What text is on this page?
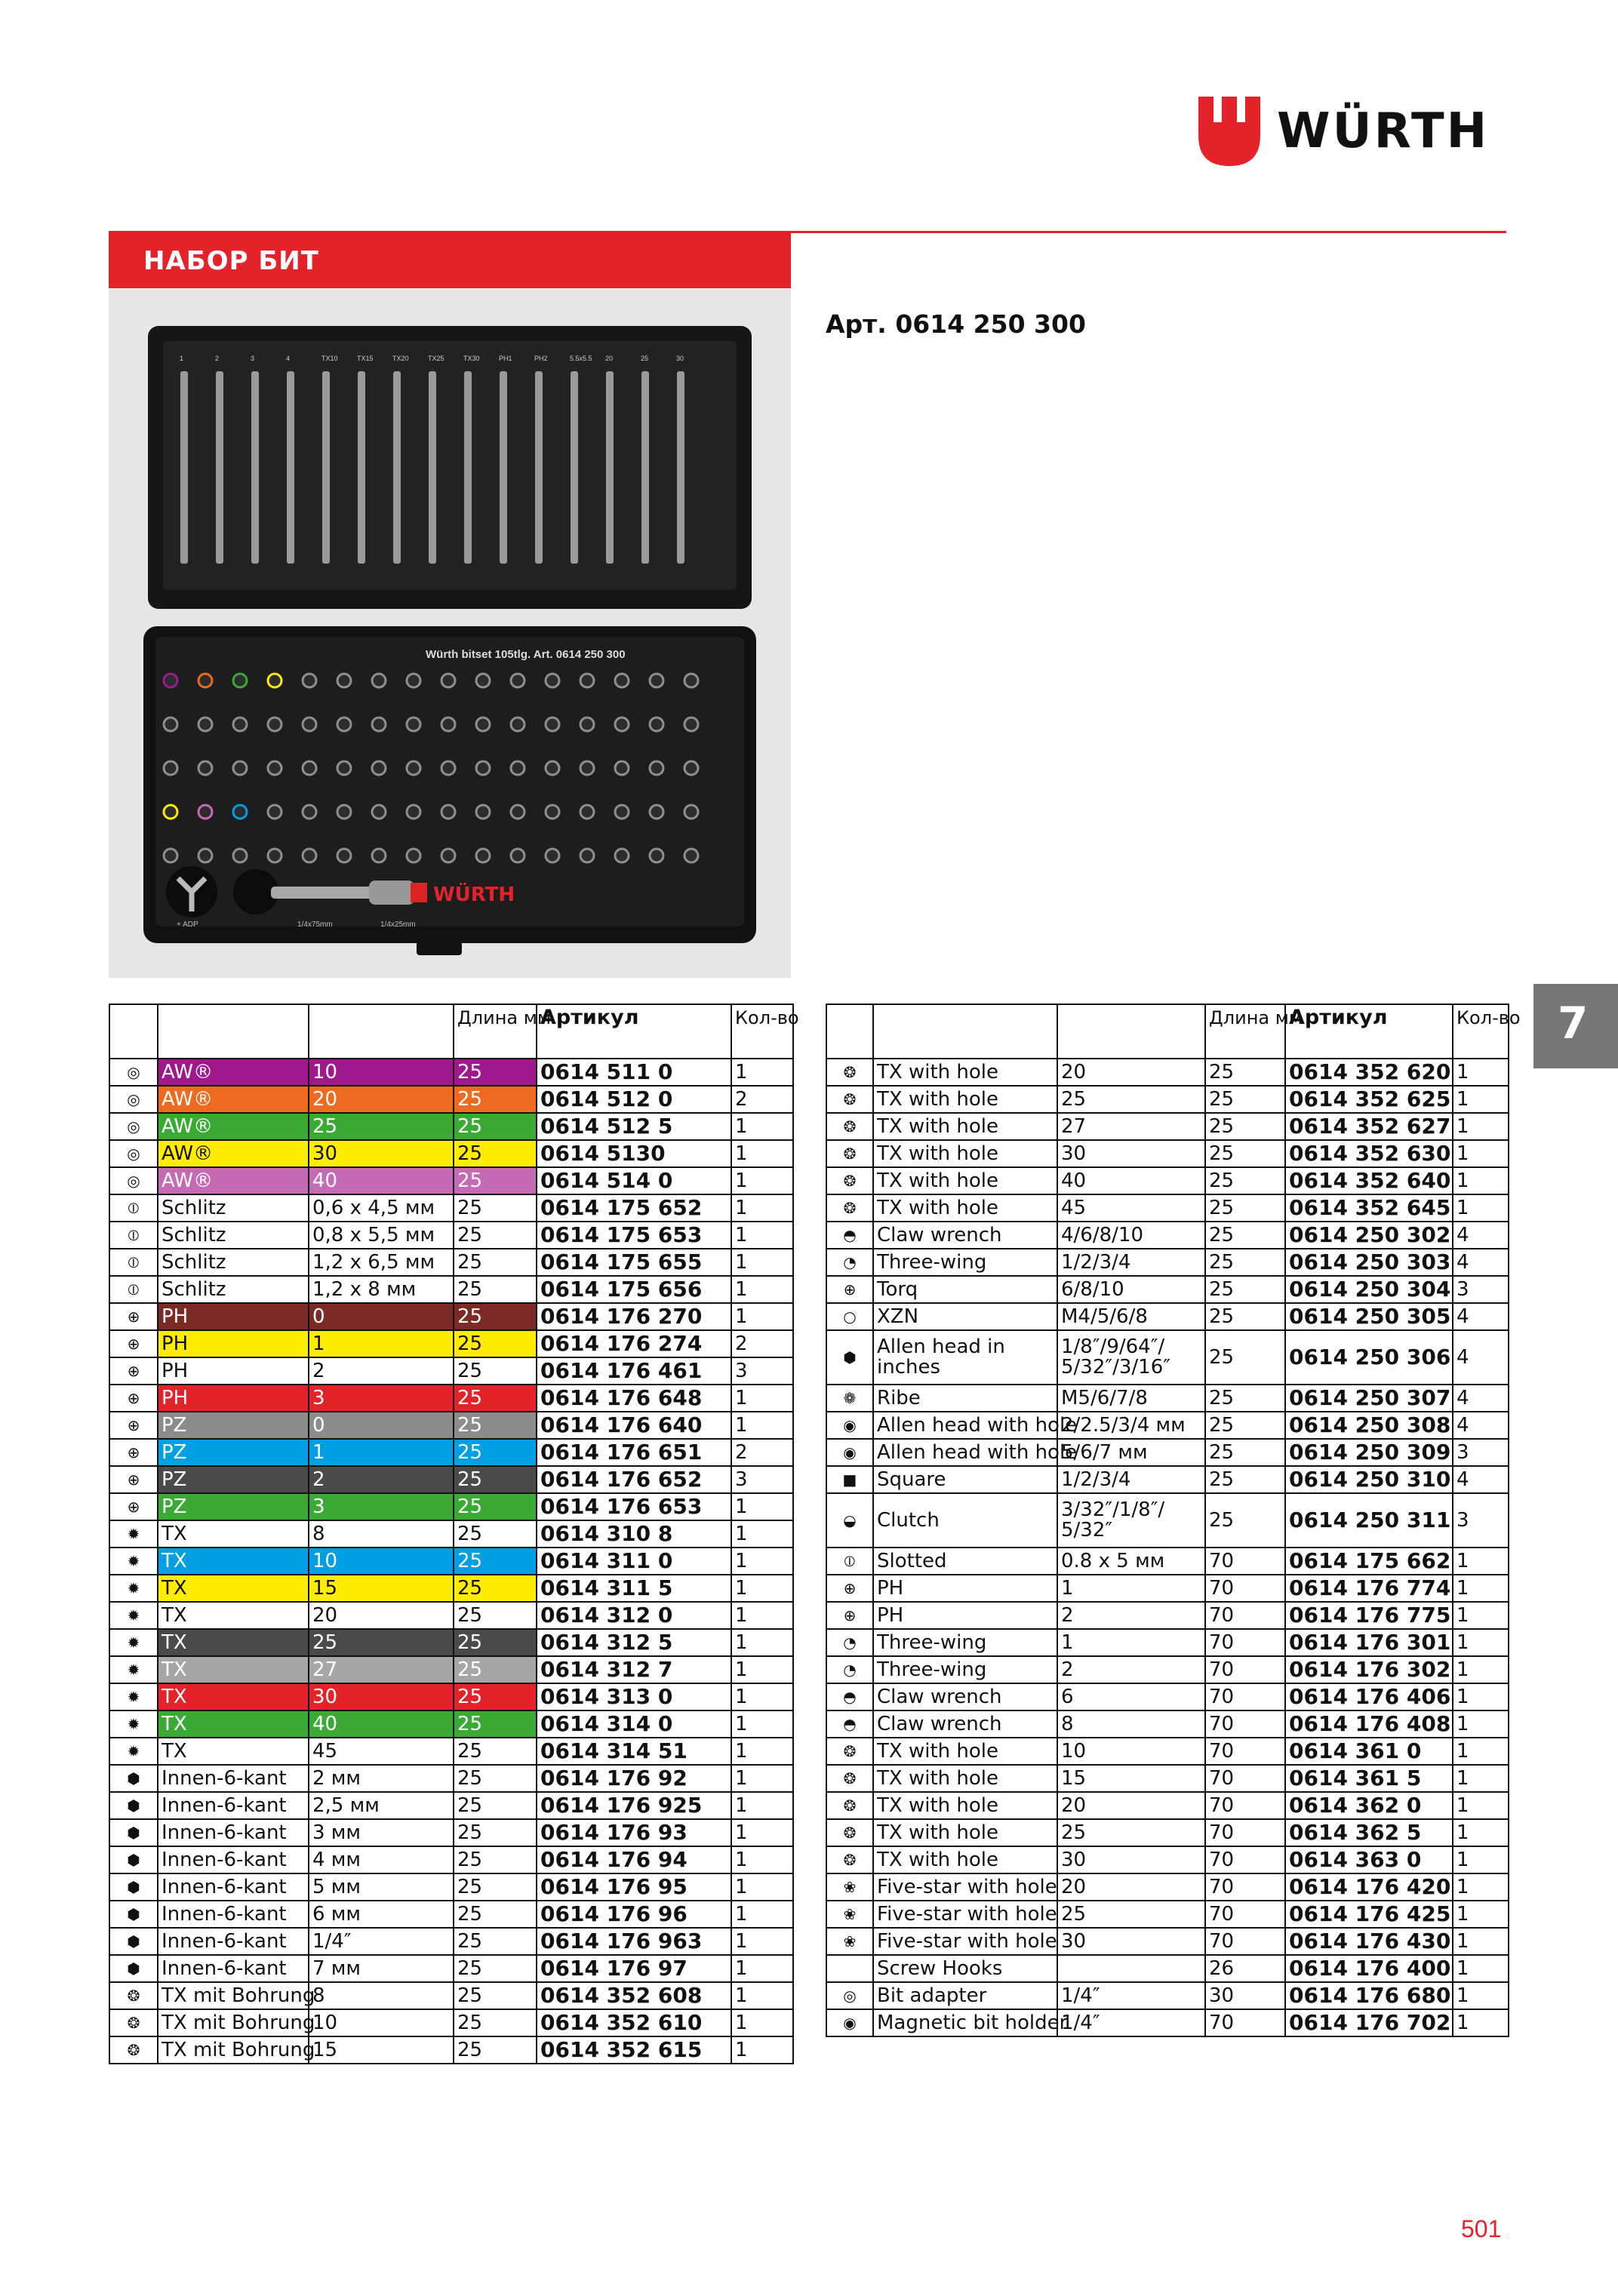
WÜRTH
НАБОР БИТ
Арт. 0614 250 300
1	2	3	4	TX10	TX15	TX20	TX25	TX30	PH1	PH2	5.5x5.5 20	25	30
Würth bitset 105tlg. Art. 0614 250 300
WÜRTH
+ ADP	1/4x75mm	1/4x25mm
			Длина мм	Артикул	Кол-во
◎	AW®	10	25	0614 511 0	1
◎	AW®	20	25	0614 512 0	2
◎	AW®	25	25	0614 512 5	1
◎	AW®	30	25	0614 5130	1
◎	AW®	40	25	0614 514 0	1
⦶	Schlitz	0,6 x 4,5 мм	25	0614 175 652	1
⦶	Schlitz	0,8 x 5,5 мм	25	0614 175 653	1
⦶	Schlitz	1,2 x 6,5 мм	25	0614 175 655	1
⦶	Schlitz	1,2 x 8 мм	25	0614 175 656	1
⊕	PH	0	25	0614 176 270	1
⊕	PH	1	25	0614 176 274	2
⊕	PH	2	25	0614 176 461	3
⊕	PH	3	25	0614 176 648	1
⊕	PZ	0	25	0614 176 640	1
⊕	PZ	1	25	0614 176 651	2
⊕	PZ	2	25	0614 176 652	3
⊕	PZ	3	25	0614 176 653	1
✹	TX	8	25	0614 310 8	1
✹	TX	10	25	0614 311 0	1
✹	TX	15	25	0614 311 5	1
✹	TX	20	25	0614 312 0	1
✹	TX	25	25	0614 312 5	1
✹	TX	27	25	0614 312 7	1
✹	TX	30	25	0614 313 0	1
✹	TX	40	25	0614 314 0	1
✹	TX	45	25	0614 314 51	1
⬢	Innen-6-kant	2 мм	25	0614 176 92	1
⬢	Innen-6-kant	2,5 мм	25	0614 176 925	1
⬢	Innen-6-kant	3 мм	25	0614 176 93	1
⬢	Innen-6-kant	4 мм	25	0614 176 94	1
⬢	Innen-6-kant	5 мм	25	0614 176 95	1
⬢	Innen-6-kant	6 мм	25	0614 176 96	1
⬢	Innen-6-kant	1/4″	25	0614 176 963	1
⬢	Innen-6-kant	7 мм	25	0614 176 97	1
❂	TX mit Bohrung	8	25	0614 352 608	1
❂	TX mit Bohrung	10	25	0614 352 610	1
❂	TX mit Bohrung	15	25	0614 352 615	1
			Длина мм	Артикул	Кол-во
❂	TX with hole	20	25	0614 352 620	1
❂	TX with hole	25	25	0614 352 625	1
❂	TX with hole	27	25	0614 352 627	1
❂	TX with hole	30	25	0614 352 630	1
❂	TX with hole	40	25	0614 352 640	1
❂	TX with hole	45	25	0614 352 645	1
◓	Claw wrench	4/6/8/10	25	0614 250 302	4
◔	Three-wing	1/2/3/4	25	0614 250 303	4
⊕	Torq	6/8/10	25	0614 250 304	3
○	XZN	M4/5/6/8	25	0614 250 305	4
⬢	Allen head in inches	1/8″/9/64″/ 5/32″/3/16″	25	0614 250 306	4
❁	Ribe	M5/6/7/8	25	0614 250 307	4
◉	Allen head with hole	2/2.5/3/4 мм	25	0614 250 308	4
◉	Allen head with hole	5/6/7 мм	25	0614 250 309	3
■	Square	1/2/3/4	25	0614 250 310	4
◒	Clutch	3/32″/1/8″/ 5/32″	25	0614 250 311	3
⦶	Slotted	0.8 x 5 мм	70	0614 175 662	1
⊕	PH	1	70	0614 176 774	1
⊕	PH	2	70	0614 176 775	1
◔	Three-wing	1	70	0614 176 301	1
◔	Three-wing	2	70	0614 176 302	1
◓	Claw wrench	6	70	0614 176 406	1
◓	Claw wrench	8	70	0614 176 408	1
❂	TX with hole	10	70	0614 361 0	1
❂	TX with hole	15	70	0614 361 5	1
❂	TX with hole	20	70	0614 362 0	1
❂	TX with hole	25	70	0614 362 5	1
❂	TX with hole	30	70	0614 363 0	1
❀	Five-star with hole	20	70	0614 176 420	1
❀	Five-star with hole	25	70	0614 176 425	1
❀	Five-star with hole	30	70	0614 176 430	1
	Screw Hooks		26	0614 176 400	1
◎	Bit adapter	1/4″	30	0614 176 680	1
◉	Magnetic bit holder	1/4″	70	0614 176 702	1
7
501
